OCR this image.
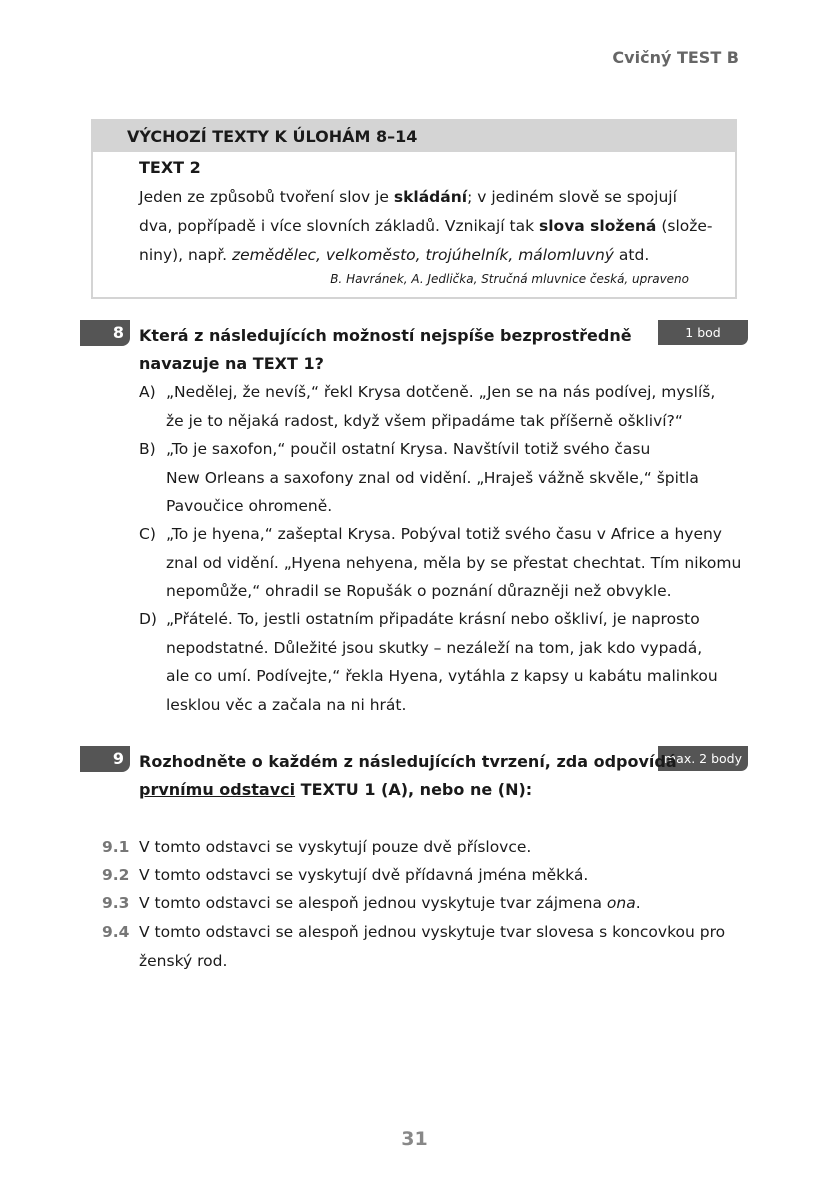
Cvičný TEST B
VÝCHOZÍ TEXTY K ÚLOHÁM 8–14
TEXT 2
Jeden ze způsobů tvoření slov je skládání; v jediném slově se spojují
dva, popřípadě i více slovních základů. Vznikají tak slova složená (slože-
niny), např. zemědělec, velkoměsto, trojúhelník, málomluvný atd.
B. Havránek, A. Jedlička, Stručná mluvnice česká, upraveno
8	1 bod
Která z následujících možností nejspíše bezprostředně
navazuje na TEXT 1?
A) „Nedělej, že nevíš,“ řekl Krysa dotčeně. „Jen se na nás podívej, myslíš,
že je to nějaká radost, když všem připadáme tak příšerně oškliví?“
B) „To je saxofon,“ poučil ostatní Krysa. Navštívil totiž svého času
New Orleans a saxofony znal od vidění. „Hraješ vážně skvěle,“ špitla
Pavoučice ohromeně.
C) „To je hyena,“ zašeptal Krysa. Pobýval totiž svého času v Africe a hyeny
znal od vidění. „Hyena nehyena, měla by se přestat chechtat. Tím nikomu
nepomůže,“ ohradil se Ropušák o poznání důrazněji než obvykle.
D) „Přátelé. To, jestli ostatním připadáte krásní nebo oškliví, je naprosto
nepodstatné. Důležité jsou skutky – nezáleží na tom, jak kdo vypadá,
ale co umí. Podívejte,“ řekla Hyena, vytáhla z kapsy u kabátu malinkou
lesklou věc a začala na ni hrát.
9	max. 2 body
Rozhodněte o každém z následujících tvrzení, zda odpovídá
prvnímu odstavci TEXTU 1 (A), nebo ne (N):
9.1 V tomto odstavci se vyskytují pouze dvě příslovce.
9.2 V tomto odstavci se vyskytují dvě přídavná jména měkká.
9.3 V tomto odstavci se alespoň jednou vyskytuje tvar zájmena ona.
9.4 V tomto odstavci se alespoň jednou vyskytuje tvar slovesa s koncovkou pro
ženský rod.
31
